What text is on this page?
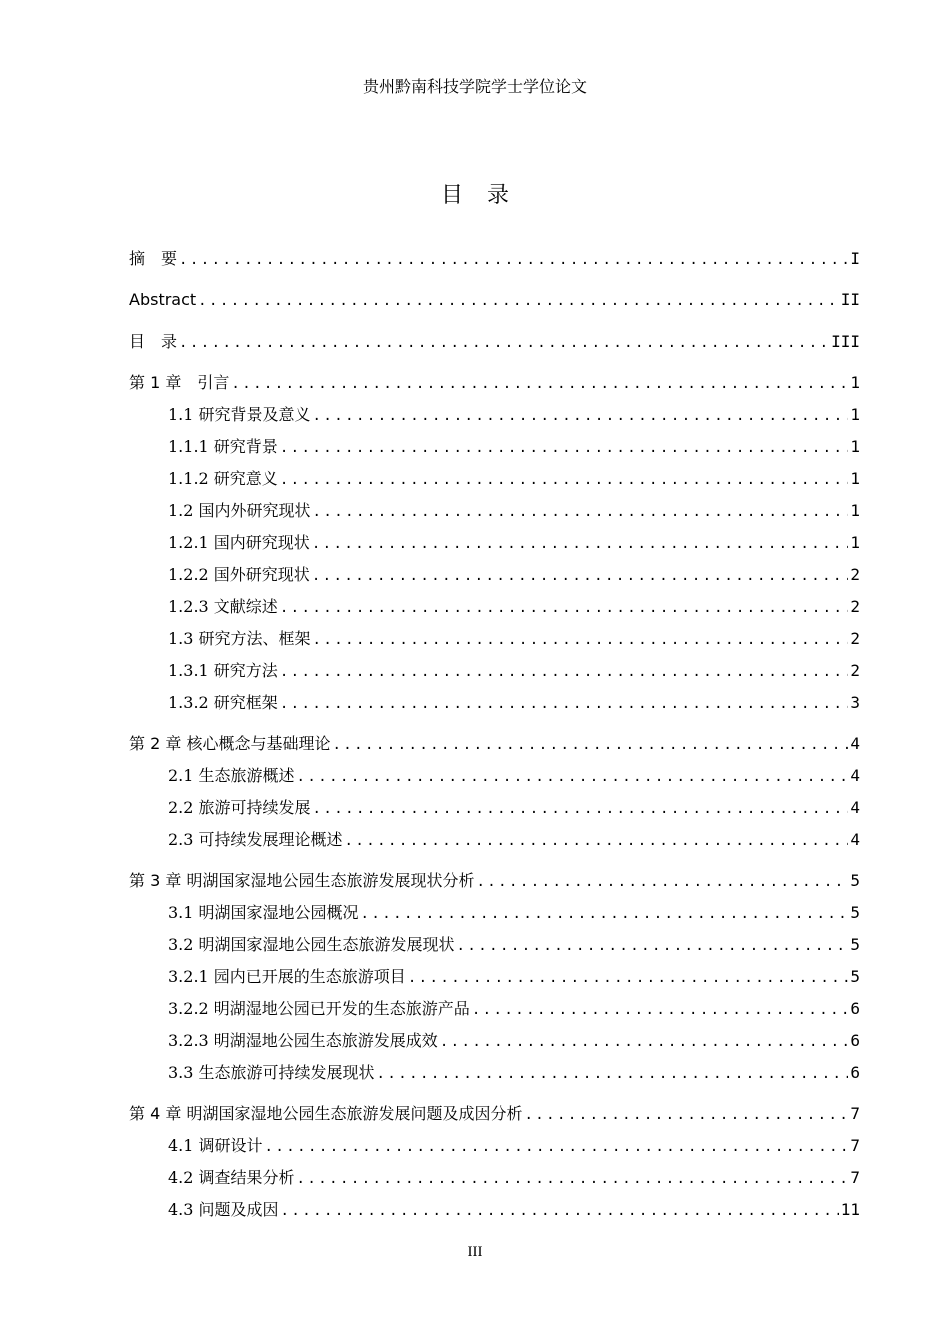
贵州黔南科技学院学士学位论文
目录
摘　要 . . .	I
Abstract . . .	II
目　录 . . .	III
第 1 章　引言 . . .	1
1.1 研究背景及意义 . . .	1
1.1.1 研究背景 . . .	1
1.1.2 研究意义 . . .	1
1.2 国内外研究现状 . . .	1
1.2.1 国内研究现状 . . .	1
1.2.2 国外研究现状 . . .	2
1.2.3 文献综述 . . .	2
1.3 研究方法、框架 . . .	2
1.3.1 研究方法 . . .	2
1.3.2 研究框架 . . .	3
第 2 章 核心概念与基础理论 . . .	4
2.1 生态旅游概述 . . .	4
2.2 旅游可持续发展 . . .	4
2.3 可持续发展理论概述 . . .	4
第 3 章 明湖国家湿地公园生态旅游发展现状分析 . . .	5
3.1 明湖国家湿地公园概况 . . .	5
3.2 明湖国家湿地公园生态旅游发展现状 . . .	5
3.2.1 园内已开展的生态旅游项目 . . .	5
3.2.2 明湖湿地公园已开发的生态旅游产品 . . .	6
3.2.3 明湖湿地公园生态旅游发展成效 . . .	6
3.3 生态旅游可持续发展现状 . . .	6
第 4 章 明湖国家湿地公园生态旅游发展问题及成因分析 . . .	7
4.1 调研设计 . . .	7
4.2 调查结果分析 . . .	7
4.3 问题及成因 . . .	11
III
